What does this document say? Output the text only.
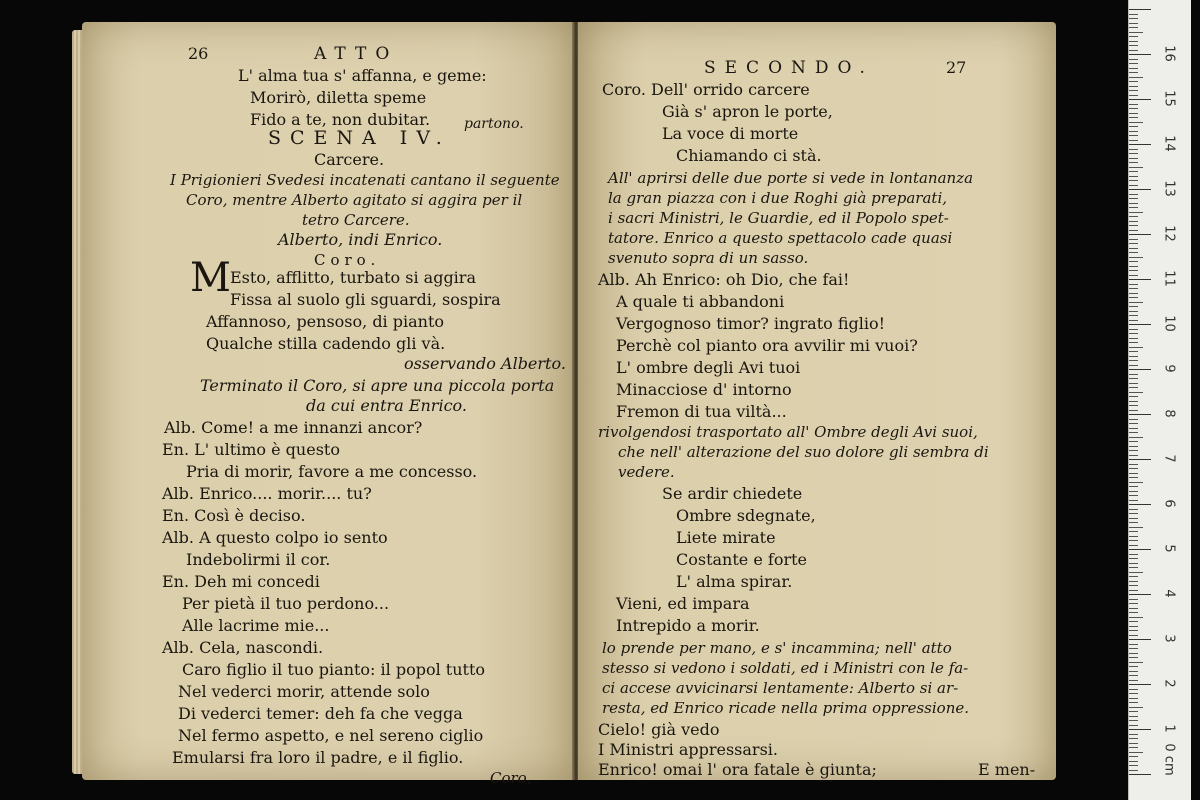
26	ATTO
L' alma tua s' affanna, e geme:
Morirò, diletta speme
Fido a te, non dubitar. partono.
SCENA IV.
Carcere.
I Prigionieri Svedesi incatenati cantano il seguente
Coro, mentre Alberto agitato si aggira per il
tetro Carcere.
Alberto, indi Enrico.
Coro.
M Esto, afflitto, turbato si aggira
Fissa al suolo gli sguardi, sospira
Affannoso, pensoso, di pianto
Qualche stilla cadendo gli và.
osservando Alberto.
Terminato il Coro, si apre una piccola porta
da cui entra Enrico.
Alb. Come! a me innanzi ancor?
En. L' ultimo è questo
Pria di morir, favore a me concesso.
Alb. Enrico.... morir.... tu?
En. Così è deciso.
Alb. A questo colpo io sento
Indebolirmi il cor.
En. Deh mi concedi
Per pietà il tuo perdono...
Alle lacrime mie...
Alb. Cela, nascondi.
Caro figlio il tuo pianto: il popol tutto
Nel vederci morir, attende solo
Di vederci temer: deh fa che vegga
Nel fermo aspetto, e nel sereno ciglio
Emularsi fra loro il padre, e il figlio.
Coro,
SECONDO.	27
Coro. Dell' orrido carcere
Già s' apron le porte,
La voce di morte
Chiamando ci stà.
All' aprirsi delle due porte si vede in lontananza
la gran piazza con i due Roghi già preparati,
i sacri Ministri, le Guardie, ed il Popolo spet-
tatore. Enrico a questo spettacolo cade quasi
svenuto sopra di un sasso.
Alb. Ah Enrico: oh Dio, che fai!
A quale ti abbandoni
Vergognoso timor? ingrato figlio!
Perchè col pianto ora avvilir mi vuoi?
L' ombre degli Avi tuoi
Minacciose d' intorno
Fremon di tua viltà...
rivolgendosi trasportato all' Ombre degli Avi suoi,
che nell' alterazione del suo dolore gli sembra di
vedere.
Se ardir chiedete
Ombre sdegnate,
Liete mirate
Costante e forte
L' alma spirar.
Vieni, ed impara
Intrepido a morir.
lo prende per mano, e s' incammina; nell' atto
stesso si vedono i soldati, ed i Ministri con le fa-
ci accese avvicinarsi lentamente: Alberto si ar-
resta, ed Enrico ricade nella prima oppressione.
Cielo! già vedo
I Ministri appressarsi.
Enrico! omai l' ora fatale è giunta;	E men-	0 cm
1
2
3
4
5
6
7
8
9
10
11
12
13
14
15
16
